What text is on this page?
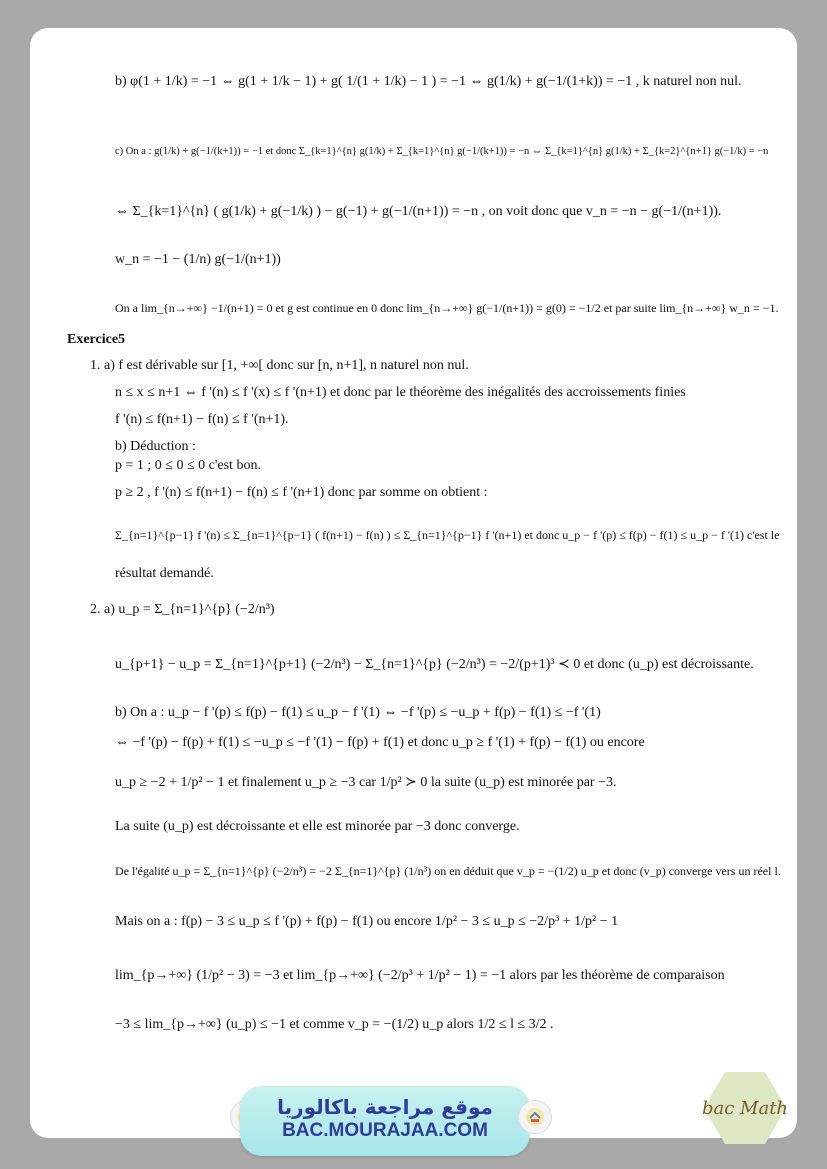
b) φ(1 + 1/k) = −1 ⇔ g(1 + 1/k − 1) + g( 1/(1 + 1/k) − 1 ) = −1 ⇔ g(1/k) + g(−1/(1+k)) = −1 , k naturel non nul.
c) On a : g(1/k) + g(−1/(k+1)) = −1 et donc Σ_{k=1}^{n} g(1/k) + Σ_{k=1}^{n} g(−1/(k+1)) = −n ⇔ Σ_{k=1}^{n} g(1/k) + Σ_{k=2}^{n+1} g(−1/k) = −n
⇔ Σ_{k=1}^{n} ( g(1/k) + g(−1/k) ) − g(−1) + g(−1/(n+1)) = −n , on voit donc que v_n = −n − g(−1/(n+1)).
w_n = −1 − (1/n) g(−1/(n+1))
On a lim_{n→+∞} −1/(n+1) = 0 et g est continue en 0 donc lim_{n→+∞} g(−1/(n+1)) = g(0) = −1/2 et par suite lim_{n→+∞} w_n = −1.
Exercice5
1. a) f est dérivable sur [1, +∞[ donc sur [n, n+1], n naturel non nul.
n ≤ x ≤ n+1 ⇔ f '(n) ≤ f '(x) ≤ f '(n+1) et donc par le théorème des inégalités des accroissements finies
f '(n) ≤ f(n+1) − f(n) ≤ f '(n+1).
b) Déduction :
p = 1 ; 0 ≤ 0 ≤ 0 c'est bon.
p ≥ 2 , f '(n) ≤ f(n+1) − f(n) ≤ f '(n+1) donc par somme on obtient :
Σ_{n=1}^{p−1} f '(n) ≤ Σ_{n=1}^{p−1} ( f(n+1) − f(n) ) ≤ Σ_{n=1}^{p−1} f '(n+1) et donc u_p − f '(p) ≤ f(p) − f(1) ≤ u_p − f '(1) c'est le
résultat demandé.
2. a) u_p = Σ_{n=1}^{p} (−2/n³)
u_{p+1} − u_p = Σ_{n=1}^{p+1} (−2/n³) − Σ_{n=1}^{p} (−2/n³) = −2/(p+1)³ ≺ 0 et donc (u_p) est décroissante.
b) On a : u_p − f '(p) ≤ f(p) − f(1) ≤ u_p − f '(1) ⇔ −f '(p) ≤ −u_p + f(p) − f(1) ≤ −f '(1)
⇔ −f '(p) − f(p) + f(1) ≤ −u_p ≤ −f '(1) − f(p) + f(1) et donc u_p ≥ f '(1) + f(p) − f(1) ou encore
u_p ≥ −2 + 1/p² − 1 et finalement u_p ≥ −3 car 1/p² ≻ 0 la suite (u_p) est minorée par −3.
La suite (u_p) est décroissante et elle est minorée par −3 donc converge.
De l'égalité u_p = Σ_{n=1}^{p} (−2/n³) = −2 Σ_{n=1}^{p} (1/n³) on en déduit que v_p = −(1/2) u_p et donc (v_p) converge vers un réel l.
Mais on a : f(p) − 3 ≤ u_p ≤ f '(p) + f(p) − f(1) ou encore 1/p² − 3 ≤ u_p ≤ −2/p³ + 1/p² − 1
lim_{p→+∞} (1/p² − 3) = −3 et lim_{p→+∞} (−2/p³ + 1/p² − 1) = −1 alors par les théorème de comparaison
−3 ≤ lim_{p→+∞} (u_p) ≤ −1 et comme v_p = −(1/2) u_p alors 1/2 ≤ l ≤ 3/2 .
موقع مراجعة باكالوريا
BAC.MOURAJAA.COM
bac Math
